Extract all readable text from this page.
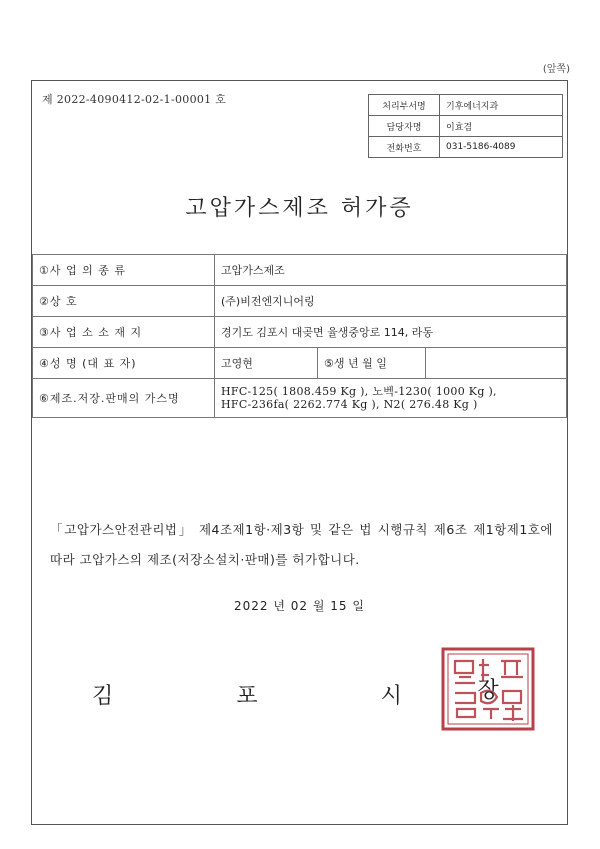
(앞쪽)
제 2022-4090412-02-1-00001 호
처리부서명	기후에너지과
담당자명	이효겸
전화번호	031-5186-4089
고압가스제조 허가증
①사 업 의 종 류	고압가스제조		
②상 호	(주)비전엔지니어링		
③사 업 소 소 재 지	경기도 김포시 대곶면 율생중앙로 114, 라동		
④성 명 (대 표 자)	고영현	⑤생 년 월 일	
⑥제조.저장.판매의 가스명	HFC-125( 1808.459 Kg ), 노벡-1230( 1000 Kg ),
HFC-236fa( 2262.774 Kg ), N2( 276.48 Kg )		
「고압가스안전관리법」 제4조제1항·제3항 및 같은 법 시행규칙 제6조 제1항제1호에 따라 고압가스의 제조(저장소설치·판매)를 허가합니다.
2022 년 02 월 15 일
김	포	시	장
